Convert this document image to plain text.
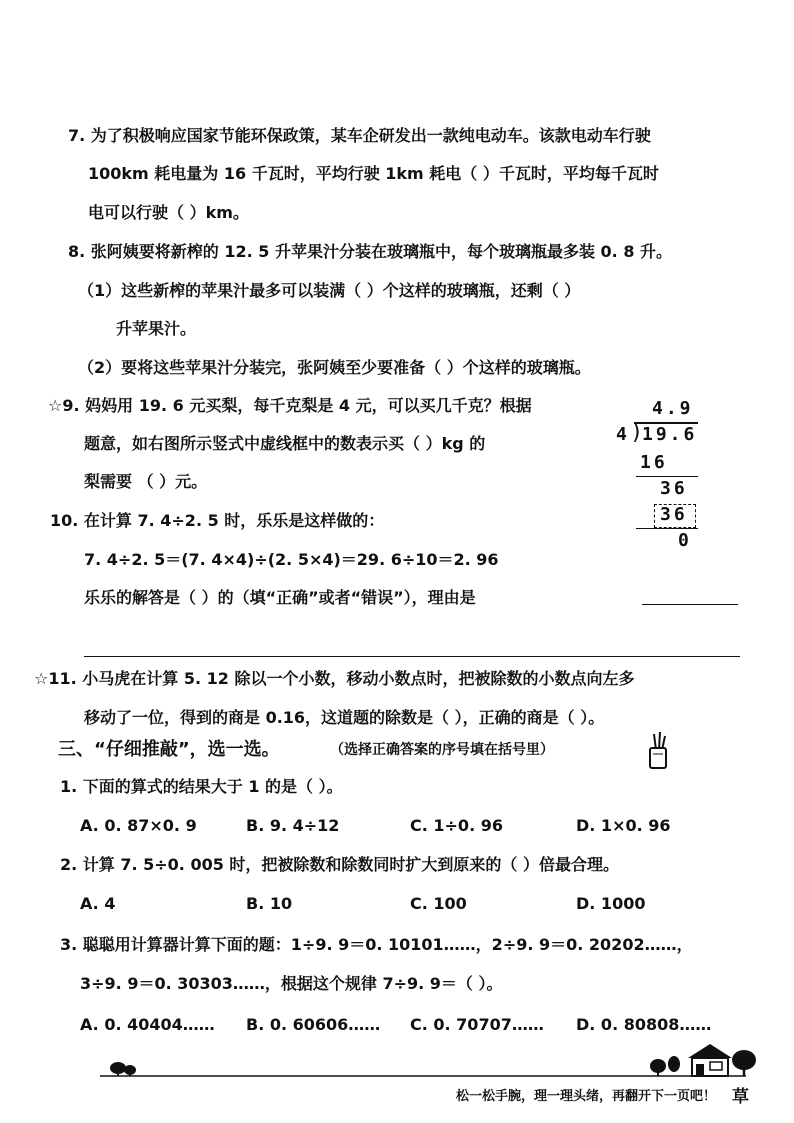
7. 为了积极响应国家节能环保政策，某车企研发出一款纯电动车。该款电动车行驶
100km 耗电量为 16 千瓦时，平均行驶 1km 耗电（ ）千瓦时，平均每千瓦时
电可以行驶（ ）km。
8. 张阿姨要将新榨的 12. 5 升苹果汁分装在玻璃瓶中，每个玻璃瓶最多装 0. 8 升。
（1）这些新榨的苹果汁最多可以装满（ ）个这样的玻璃瓶，还剩（ ）
升苹果汁。
（2）要将这些苹果汁分装完，张阿姨至少要准备（ ）个这样的玻璃瓶。
☆9. 妈妈用 19. 6 元买梨，每千克梨是 4 元，可以买几千克？根据
题意，如右图所示竖式中虚线框中的数表示买（ ）kg 的
梨需要 （ ）元。
4.9
4 )
19.6
16
36
36
0
10. 在计算 7. 4÷2. 5 时，乐乐是这样做的：
7. 4÷2. 5＝(7. 4×4)÷(2. 5×4)＝29. 6÷10＝2. 96
乐乐的解答是（ ）的（填“正确”或者“错误”），理由是
☆11. 小马虎在计算 5. 12 除以一个小数，移动小数点时，把被除数的小数点向左多
移动了一位，得到的商是 0.16，这道题的除数是（ ），正确的商是（ ）。
三、“仔细推敲”，选一选。	（选择正确答案的序号填在括号里）
1. 下面的算式的结果大于 1 的是（ ）。
A. 0. 87×0. 9	B. 9. 4÷12	C. 1÷0. 96	D. 1×0. 96
2. 计算 7. 5÷0. 005 时，把被除数和除数同时扩大到原来的（ ）倍最合理。
A. 4	B. 10	C. 100	D. 1000
3. 聪聪用计算器计算下面的题：1÷9. 9＝0. 10101……，2÷9. 9＝0. 20202……，
3÷9. 9＝0. 30303……，根据这个规律 7÷9. 9＝（ ）。
A. 0. 40404…… B. 0. 60606…… C. 0. 70707…… D. 0. 80808……
松一松手腕，理一理头绪，再翻开下一页吧！ 草
